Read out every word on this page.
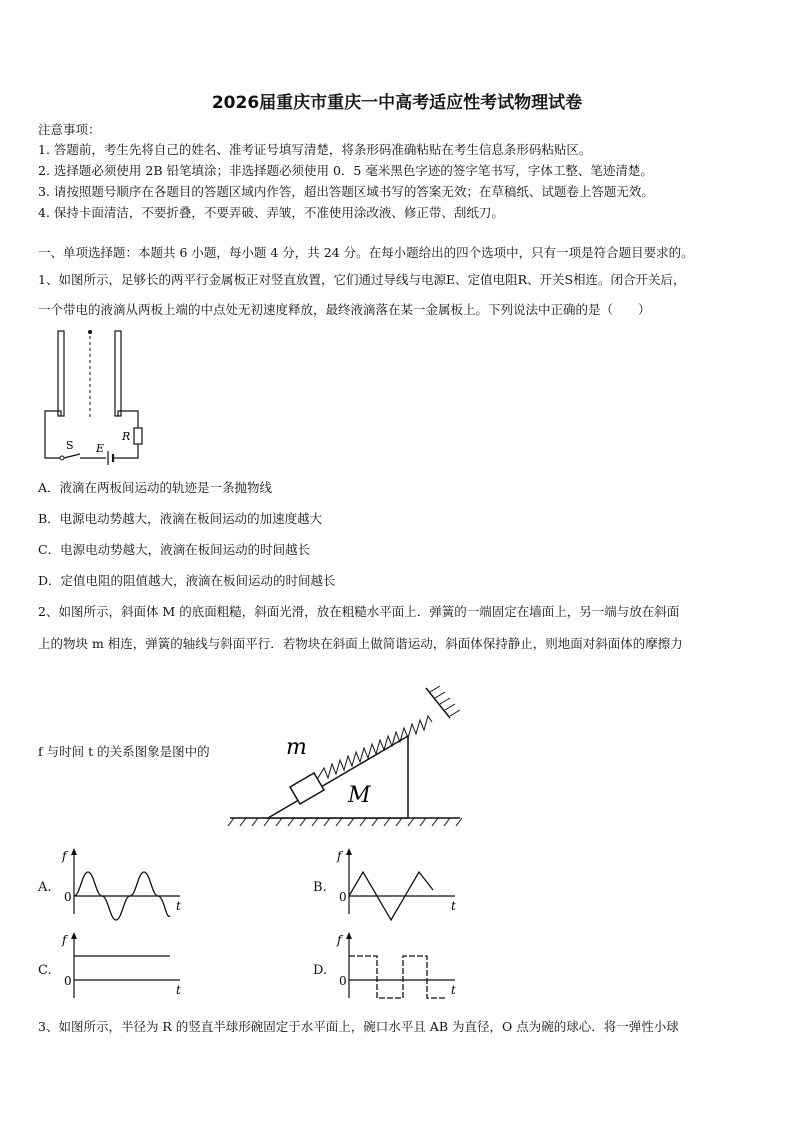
2026届重庆市重庆一中高考适应性考试物理试卷
注意事项：
1. 答题前，考生先将自己的姓名、准考证号填写清楚，将条形码准确粘贴在考生信息条形码粘贴区。
2. 选择题必须使用 2B 铅笔填涂；非选择题必须使用 0．5 毫米黑色字迹的签字笔书写，字体工整、笔迹清楚。
3. 请按照题号顺序在各题目的答题区域内作答，超出答题区域书写的答案无效；在草稿纸、试题卷上答题无效。
4. 保持卡面清洁，不要折叠，不要弄破、弄皱，不准使用涂改液、修正带、刮纸刀。
一、单项选择题：本题共 6 小题，每小题 4 分，共 24 分。在每小题给出的四个选项中，只有一项是符合题目要求的。
1、如图所示，足够长的两平行金属板正对竖直放置，它们通过导线与电源E、定值电阻R、开关S相连。闭合开关后，
一个带电的液滴从两板上端的中点处无初速度释放，最终液滴落在某一金属板上。下列说法中正确的是（　　）
S E
R
A．液滴在两板间运动的轨迹是一条抛物线
B．电源电动势越大，液滴在板间运动的加速度越大
C．电源电动势越大，液滴在板间运动的时间越长
D．定值电阻的阻值越大，液滴在板间运动的时间越长
2、如图所示，斜面体 M 的底面粗糙，斜面光滑，放在粗糙水平面上．弹簧的一端固定在墙面上，另一端与放在斜面
上的物块 m 相连，弹簧的轴线与斜面平行．若物块在斜面上做简谐运动，斜面体保持静止，则地面对斜面体的摩擦力
f 与时间 t 的关系图象是图中的	m
M
A.
f
0
t
B.
f
0
t
C.
f
0
t
D.
f
0
t
3、如图所示，半径为 R 的竖直半球形碗固定于水平面上，碗口水平且 AB 为直径，O 点为碗的球心．将一弹性小球
